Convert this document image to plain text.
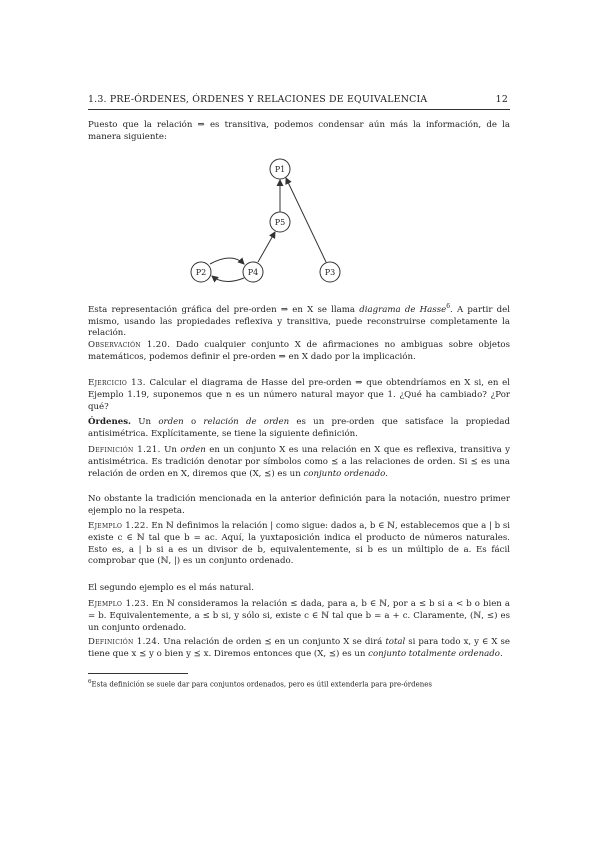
1.3. PRE-ÓRDENES, ÓRDENES Y RELACIONES DE EQUIVALENCIA	12

Puesto que la relación ⇒ es transitiva, podemos condensar aún más la información, de la manera siguiente:

P1
P5
P2	P4	P3

Esta representación gráfica del pre-orden ⇒ en X se llama diagrama de Hasse$^6$. A partir del mismo, usando las propiedades reflexiva y transitiva, puede reconstruirse completamente la relación.

Observación 1.20. Dado cualquier conjunto X de afirmaciones no ambiguas sobre objetos matemáticos, podemos definir el pre-orden ⇒ en X dado por la implicación.

Ejercicio 13. Calcular el diagrama de Hasse del pre-orden ⇒ que obtendríamos en X si, en el Ejemplo 1.19, suponemos que n es un número natural mayor que 1. ¿Qué ha cambiado? ¿Por qué?

Órdenes. Un orden o relación de orden es un pre-orden que satisface la propiedad antisimétrica. Explícitamente, se tiene la siguiente definición.

Definición 1.21. Un orden en un conjunto X es una relación en X que es reflexiva, transitiva y antisimétrica. Es tradición denotar por símbolos como ⪯ a las relaciones de orden. Si ⪯ es una relación de orden en X, diremos que (X, ⪯) es un conjunto ordenado.

No obstante la tradición mencionada en la anterior definición para la notación, nuestro primer ejemplo no la respeta.

Ejemplo 1.22. En ℕ definimos la relación | como sigue: dados a, b ∈ ℕ, establecemos que a | b si existe c ∈ ℕ tal que b = ac. Aquí, la yuxtaposición indica el producto de números naturales. Esto es, a | b si a es un divisor de b, equivalentemente, si b es un múltiplo de a. Es fácil comprobar que (ℕ, |) es un conjunto ordenado.

El segundo ejemplo es el más natural.

Ejemplo 1.23. En ℕ consideramos la relación ≤ dada, para a, b ∈ ℕ, por a ≤ b si a < b o bien a = b. Equivalentemente, a ≤ b si, y sólo si, existe c ∈ ℕ tal que b = a + c. Claramente, (ℕ, ≤) es un conjunto ordenado.

Definición 1.24. Una relación de orden ⪯ en un conjunto X se dirá total si para todo x, y ∈ X se tiene que x ⪯ y o bien y ⪯ x. Diremos entonces que (X, ⪯) es un conjunto totalmente ordenado.

$^6$Esta definición se suele dar para conjuntos ordenados, pero es útil extenderla para pre-órdenes
